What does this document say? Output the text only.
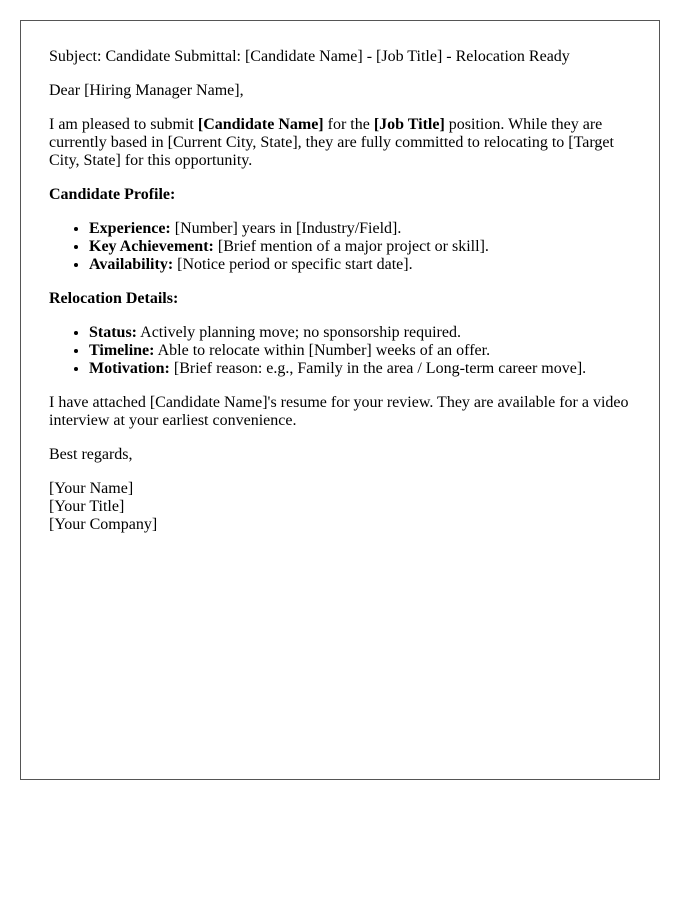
Subject: Candidate Submittal: [Candidate Name] - [Job Title] - Relocation Ready

Dear [Hiring Manager Name],

I am pleased to submit [Candidate Name] for the [Job Title] position. While they are currently based in [Current City, State], they are fully committed to relocating to [Target City, State] for this opportunity.

Candidate Profile:

• Experience: [Number] years in [Industry/Field].
• Key Achievement: [Brief mention of a major project or skill].
• Availability: [Notice period or specific start date].

Relocation Details:

• Status: Actively planning move; no sponsorship required.
• Timeline: Able to relocate within [Number] weeks of an offer.
• Motivation: [Brief reason: e.g., Family in the area / Long-term career move].

I have attached [Candidate Name]'s resume for your review. They are available for a video interview at your earliest convenience.

Best regards,

[Your Name]
[Your Title]
[Your Company]
